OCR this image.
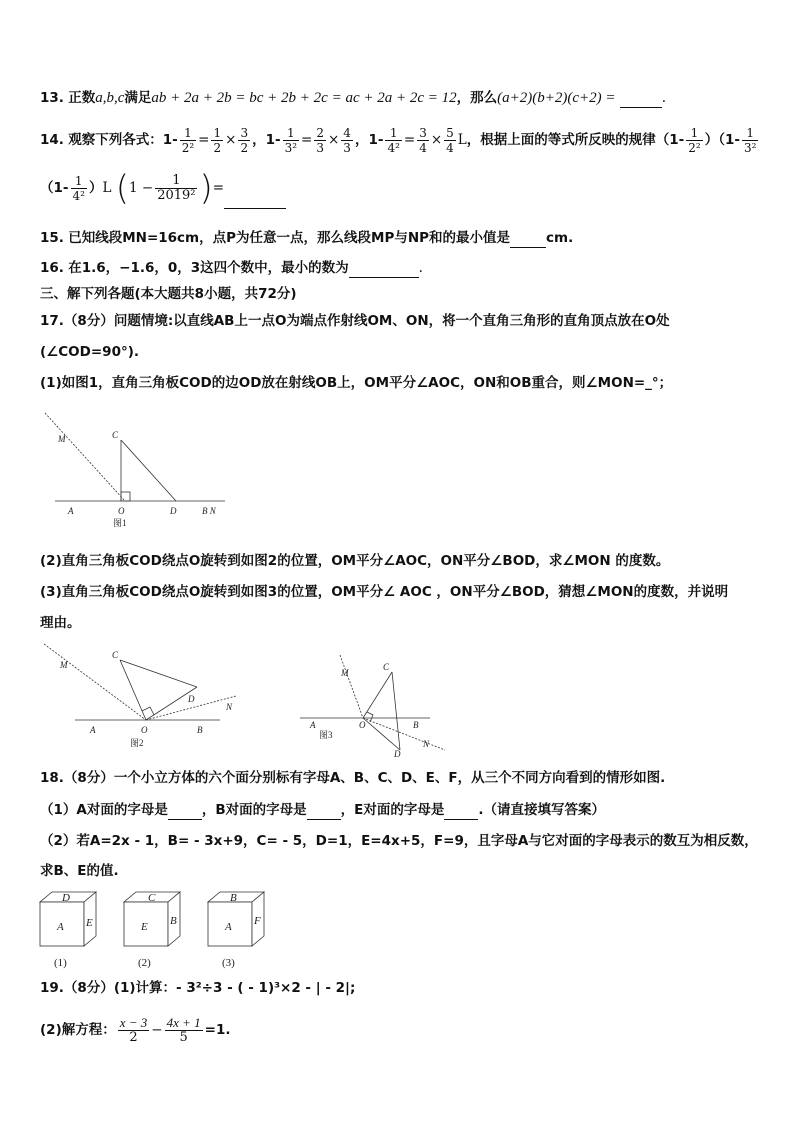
13. 正数a,b,c满足ab + 2a + 2b = bc + 2b + 2c = ac + 2a + 2c = 12，那么(a+2)(b+2)(c+2) =	.
14. 观察下列各式：$1- \frac{1}{\text{2²}} = \frac{1}{2} \times \frac{3}{2}$ ，$1- \frac{1}{\text{3²}} = \frac{2}{3} \times \frac{4}{3}$ ，$1- \frac{1}{\text{4²}} = \frac{3}{4} \times \frac{5}{4}$ L，根据上面的等式所反映的规律$(1- \frac{1}{\text{2²}} )(1- \frac{1}{\text{3²}}$
$(1- \frac{1}{\text{4²}} )L$ ($1 - \frac{1}{\text{2019²}}$ )=
15. 已知线段MN=16cm，点P为任意一点，那么线段MP与NP和的最小值是	cm.
16. 在1.6，−1.6，0，3这四个数中，最小的数为	.
三、解下列各题(本大题共8小题，共72分)
17.（8分）问题情境:以直线AB上一点O为端点作射线OM、ON，将一个直角三角形的直角顶点放在O处
(∠COD=90°).
(1)如图1，直角三角板COD的边OD放在射线OB上，OM平分∠AOC，ON和OB重合，则∠MON=_°；
M	C
A	O	D	B N
图1
(2)直角三角板COD绕点O旋转到如图2的位置，OM平分∠AOC，ON平分∠BOD，求∠MON 的度数。
(3)直角三角板COD绕点O旋转到如图3的位置，OM平分∠ AOC ，ON平分∠BOD，猜想∠MON的度数，并说明
理由。
M
C
D
N
A	O	B
图2
M
C
A	O	B
D
N
图3
18.（8分）一个小立方体的六个面分别标有字母A、B、C、D、E、F，从三个不同方向看到的情形如图.
（1）A对面的字母是	，B对面的字母是	，E对面的字母是	.（请直接填写答案）
（2）若A=2x - 1，B= - 3x+9，C= - 5，D=1，E=4x+5，F=9，且字母A与它对面的字母表示的数互为相反数，
求B、E的值.
D
A E
(1)
C
E B
(2)
B
A F
(3)
19.（8分）(1)计算：- 3²÷3 - ( - 1)³×2 - | - 2|;
(2)解方程： $\frac{x - 3}{2} - \frac{4x + 1}{5} =1$.
